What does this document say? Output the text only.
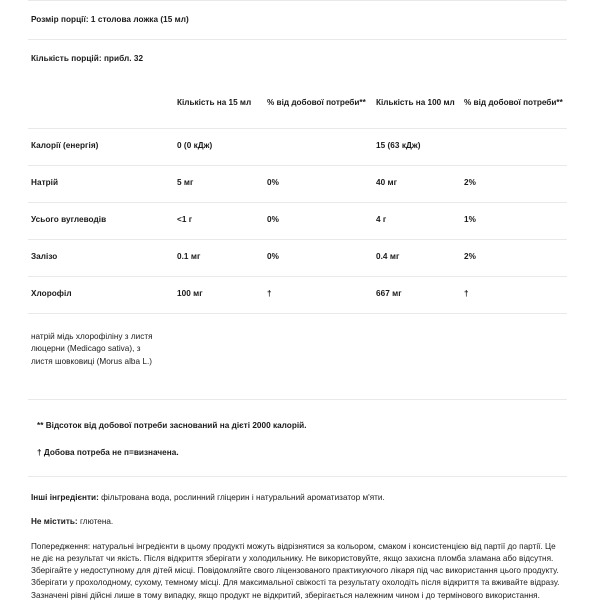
Розмір порції: 1 столова ложка (15 мл)
Кількість порцій: прибл. 32

	Кількість на 15 мл	% від добової потреби**	Кількість на 100 мл	% від добової потреби**

Калорії (енергія)	0 (0 кДж)		15 (63 кДж)	
Натрій	5 мг	0%	40 мг	2%
Усього вуглеводів	<1 г	0%	4 г	1%
Залізо	0.1 мг	0%	0.4 мг	2%
Хлорофіл	100 мг	†	667 мг	†

натрій мідь хлорофіліну з листя люцерни (Medicago sativa), з листя шовковиці (Morus alba L.)				
** Відсоток від добової потреби заснований на дієті 2000 калорій.
† Добова потреба не п=визначена.

Інші інгредієнти: фільтрована вода, рослинний гліцерин і натуральний ароматизатор м'яти.

Не містить: глютена.

Попередження: натуральні інгредієнти в цьому продукті можуть відрізнятися за кольором, смаком і консистенцією від партії до партії. Це не діє на результат чи якість. Після відкриття зберігати у холодильнику. Не використовуйте, якщо захисна пломба зламана або відсутня. Зберігайте у недоступному для дітей місці. Повідомляйте свого ліцензованого практикуючого лікаря під час використання цього продукту. Зберігати у прохолодному, сухому, темному місці. Для максимальної свіжості та результату охолодіть після відкриття та вживайте відразу. Зазначені рівні дійсні лише в тому випадку, якщо продукт не відкритий, зберігається належним чином і до термінового використання.
